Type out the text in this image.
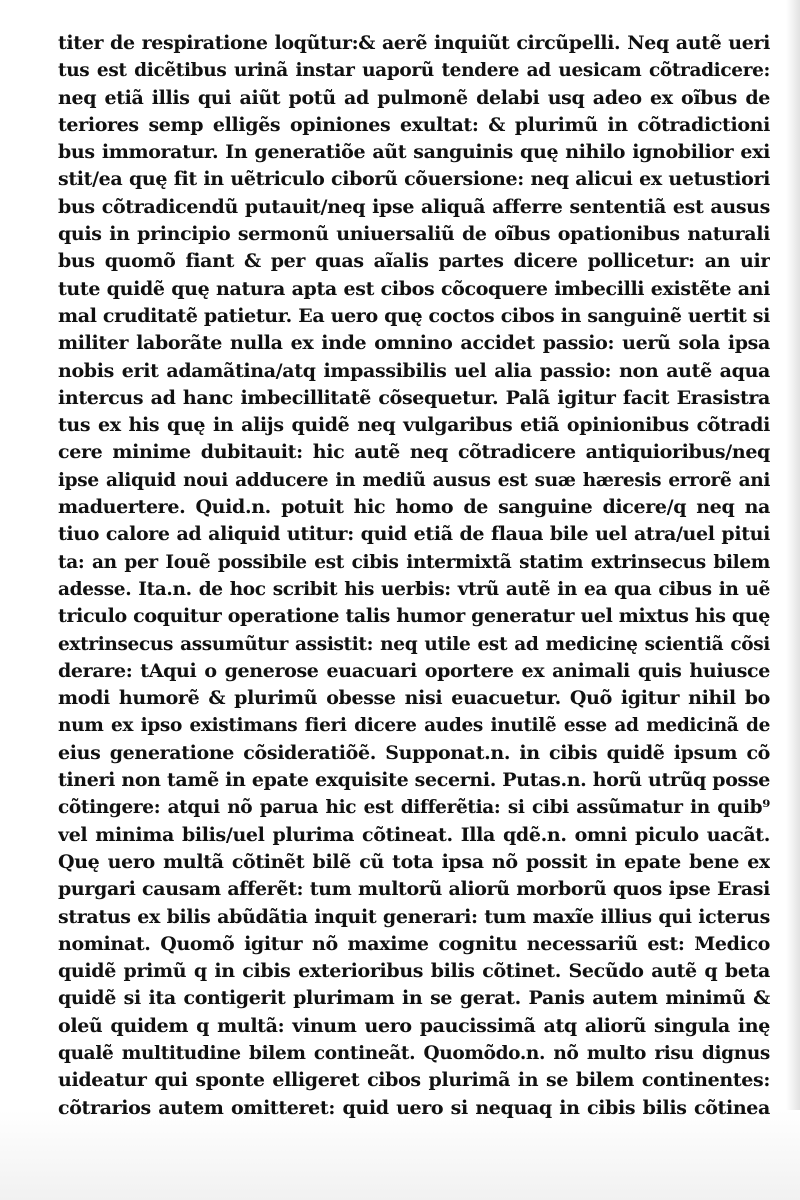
titer de respiratione loqũtur:& aerẽ inquiũt circũpelli. Neq autẽ ueri
tus est dicẽtibus urinã instar uaporũ tendere ad uesicam cõtradicere:
neq etiã illis qui aiũt potũ ad pulmonẽ delabi usq adeo ex oĩbus de
teriores semp elligẽs opiniones exultat: & plurimũ in cõtradictioni
bus immoratur. In generatiõe aũt sanguinis quę nihilo ignobilior exi
stit/ea quę fit in uẽtriculo ciborũ cõuersione: neq alicui ex uetustiori
bus cõtradicendũ putauit/neq ipse aliquã afferre sententiã est ausus
quis in principio sermonũ uniuersaliũ de oĩbus opationibus naturali
bus quomõ fiant & per quas aĩalis partes dicere pollicetur: an uir
tute quidẽ quę natura apta est cibos cõcoquere imbecilli existẽte ani
mal cruditatẽ patietur. Ea uero quę coctos cibos in sanguinẽ uertit si
militer laborãte nulla ex inde omnino accidet passio: uerũ sola ipsa
nobis erit adamãtina/atq impassibilis uel alia passio: non autẽ aqua
intercus ad hanc imbecillitatẽ cõsequetur. Palã igitur facit Erasistra
tus ex his quę in alijs quidẽ neq vulgaribus etiã opinionibus cõtradi
cere minime dubitauit: hic autẽ neq cõtradicere antiquioribus/neq
ipse aliquid noui adducere in mediũ ausus est suæ hæresis errorẽ ani
maduertere. Quid.n. potuit hic homo de sanguine dicere/q neq na
tiuo calore ad aliquid utitur: quid etiã de flaua bile uel atra/uel pitui
ta: an per Iouẽ possibile est cibis intermixtã statim extrinsecus bilem
adesse. Ita.n. de hoc scribit his uerbis: vtrũ autẽ in ea qua cibus in uẽ
triculo coquitur operatione talis humor generatur uel mixtus his quę
extrinsecus assumũtur assistit: neq utile est ad medicinę scientiã cõsi
derare: tAqui o generose euacuari oportere ex animali quis huiusce
modi humorẽ & plurimũ obesse nisi euacuetur. Quõ igitur nihil bo
num ex ipso existimans fieri dicere audes inutilẽ esse ad medicinã de
eius generatione cõsideratiõẽ. Supponat.n. in cibis quidẽ ipsum cõ
tineri non tamẽ in epate exquisite secerni. Putas.n. horũ utrũq posse
cõtingere: atqui nõ parua hic est differẽtia: si cibi assũmatur in quib⁹
vel minima bilis/uel plurima cõtineat. Illa qdẽ.n. omni piculo uacãt.
Quę uero multã cõtinẽt bilẽ cũ tota ipsa nõ possit in epate bene ex
purgari causam afferẽt: tum multorũ aliorũ morborũ quos ipse Erasi
stratus ex bilis abũdãtia inquit generari: tum maxĩe illius qui icterus
nominat. Quomõ igitur nõ maxime cognitu necessariũ est: Medico
quidẽ primũ q in cibis exterioribus bilis cõtinet. Secũdo autẽ q beta
quidẽ si ita contigerit plurimam in se gerat. Panis autem minimũ &
oleũ quidem q multã: vinum uero paucissimã atq aliorũ singula inę
qualẽ multitudine bilem contineãt. Quomõdo.n. nõ multo risu dignus
uideatur qui sponte elligeret cibos plurimã in se bilem continentes:
cõtrarios autem omitteret: quid uero si nequaq in cibis bilis cõtinea
